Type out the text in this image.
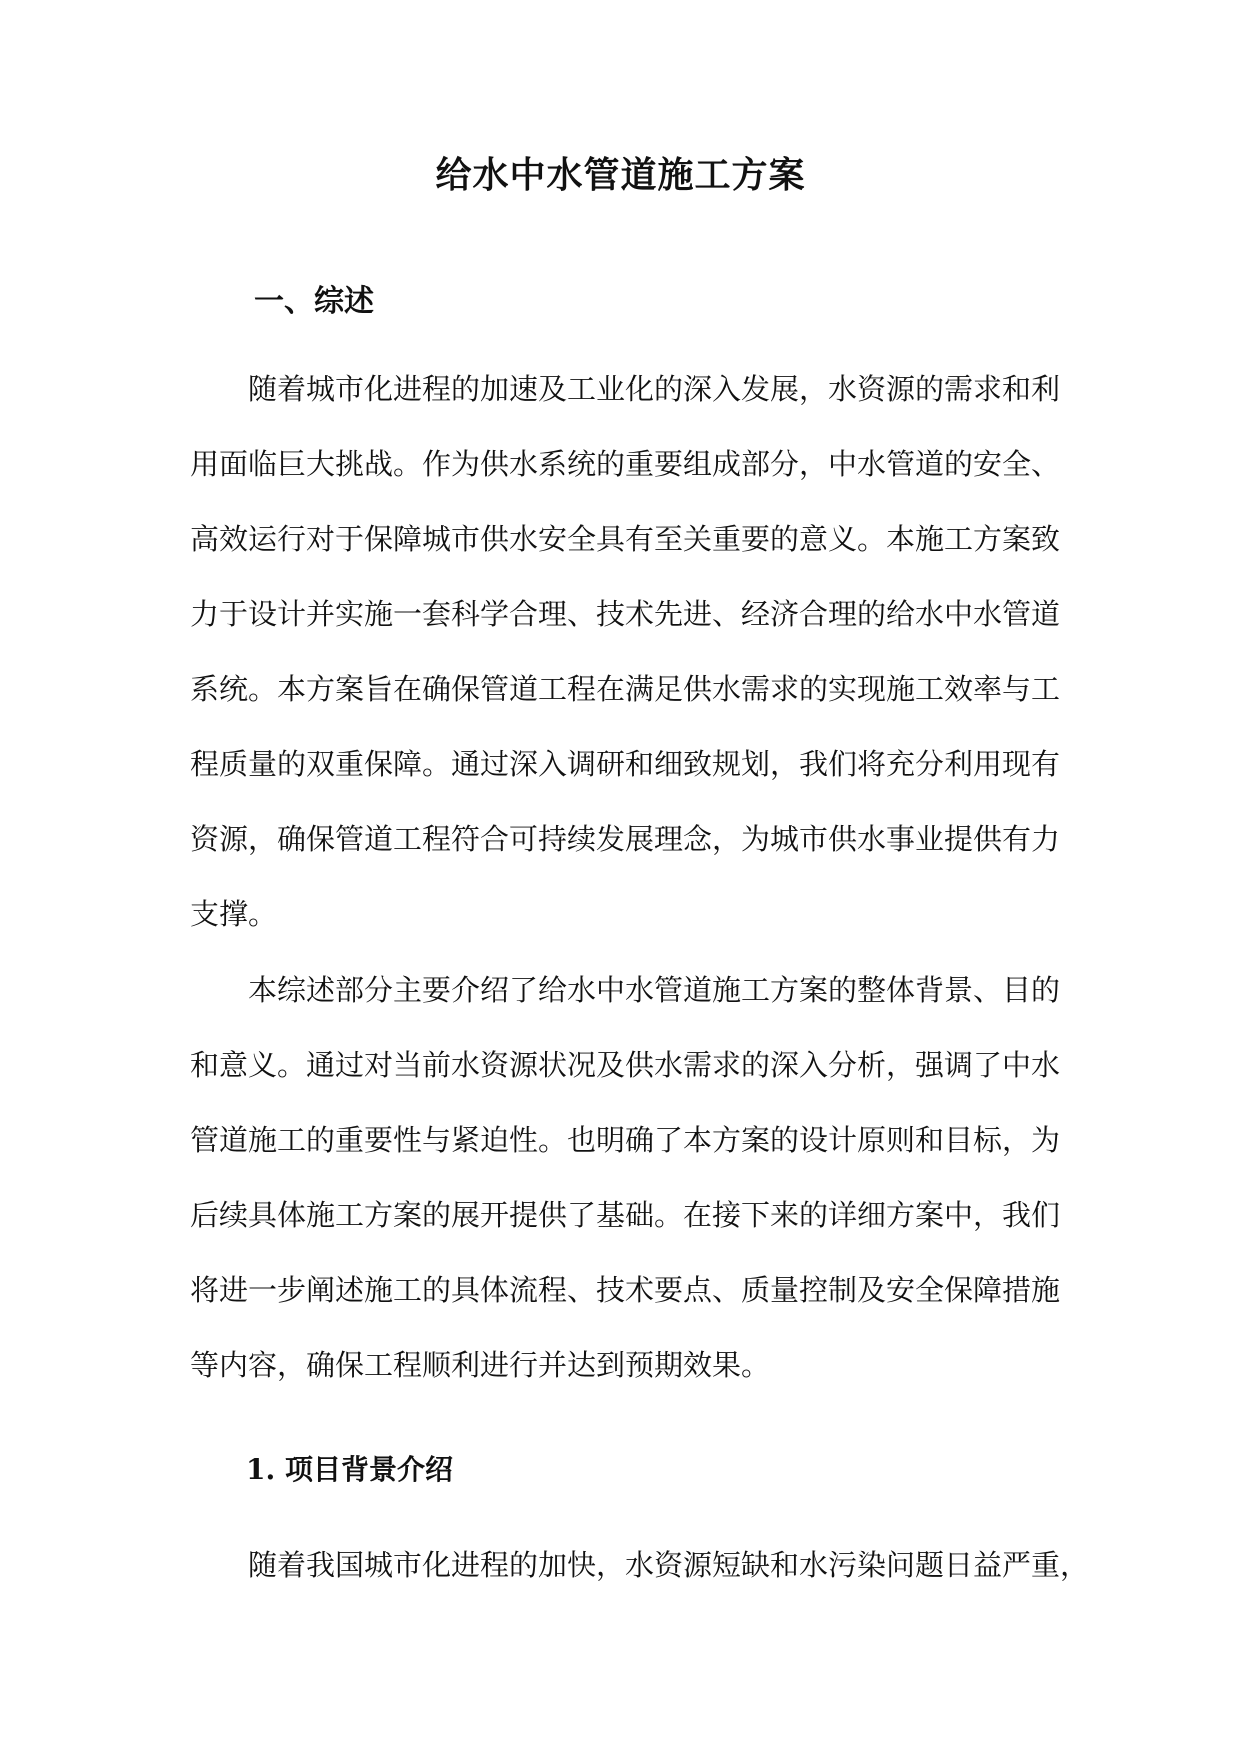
给水中水管道施工方案
一、综述

随着城市化进程的加速及工业化的深入发展，水资源的需求和利
用面临巨大挑战。作为供水系统的重要组成部分，中水管道的安全、
高效运行对于保障城市供水安全具有至关重要的意义。本施工方案致
力于设计并实施一套科学合理、技术先进、经济合理的给水中水管道
系统。本方案旨在确保管道工程在满足供水需求的实现施工效率与工
程质量的双重保障。通过深入调研和细致规划，我们将充分利用现有
资源，确保管道工程符合可持续发展理念，为城市供水事业提供有力
支撑。

本综述部分主要介绍了给水中水管道施工方案的整体背景、目的
和意义。通过对当前水资源状况及供水需求的深入分析，强调了中水
管道施工的重要性与紧迫性。也明确了本方案的设计原则和目标，为
后续具体施工方案的展开提供了基础。在接下来的详细方案中，我们
将进一步阐述施工的具体流程、技术要点、质量控制及安全保障措施
等内容，确保工程顺利进行并达到预期效果。

1. 项目背景介绍

随着我国城市化进程的加快，水资源短缺和水污染问题日益严重，
